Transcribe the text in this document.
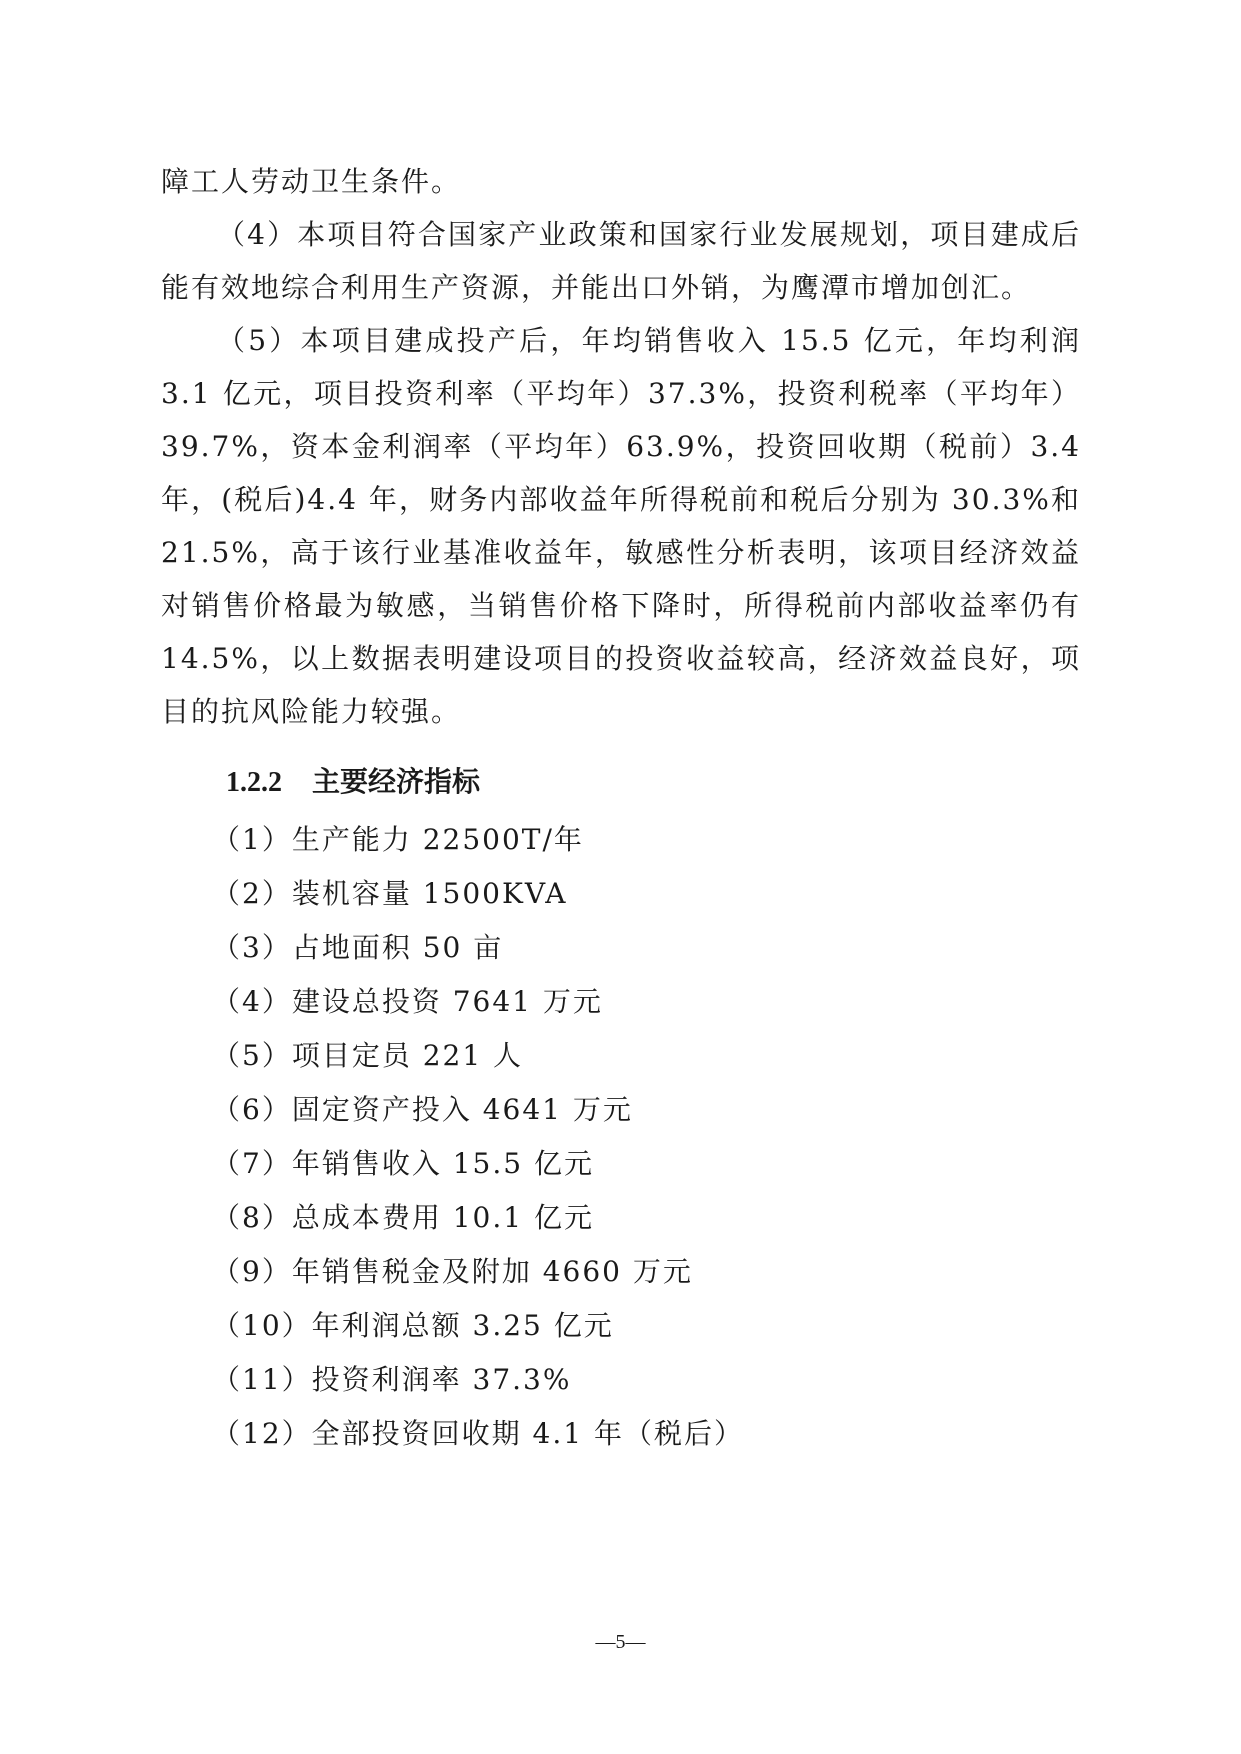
障工人劳动卫生条件。

（4）本项目符合国家产业政策和国家行业发展规划，项目建成后能有效地综合利用生产资源，并能出口外销，为鹰潭市增加创汇。

（5）本项目建成投产后，年均销售收入 15.5 亿元，年均利润 3.1 亿元，项目投资利率（平均年）37.3%，投资利税率（平均年）39.7%，资本金利润率（平均年）63.9%，投资回收期（税前）3.4 年，(税后)4.4 年，财务内部收益年所得税前和税后分别为 30.3%和 21.5%，高于该行业基准收益年，敏感性分析表明，该项目经济效益对销售价格最为敏感，当销售价格下降时，所得税前内部收益率仍有 14.5%，以上数据表明建设项目的投资收益较高，经济效益良好，项目的抗风险能力较强。

1.2.2 主要经济指标
（1）生产能力 22500T/年
（2）装机容量 1500KVA
（3）占地面积 50 亩
（4）建设总投资 7641 万元
（5）项目定员 221 人
（6）固定资产投入 4641 万元
（7）年销售收入 15.5 亿元
（8）总成本费用 10.1 亿元
（9）年销售税金及附加 4660 万元
（10）年利润总额 3.25 亿元
（11）投资利润率 37.3%
（12）全部投资回收期 4.1 年（税后）
—5—
